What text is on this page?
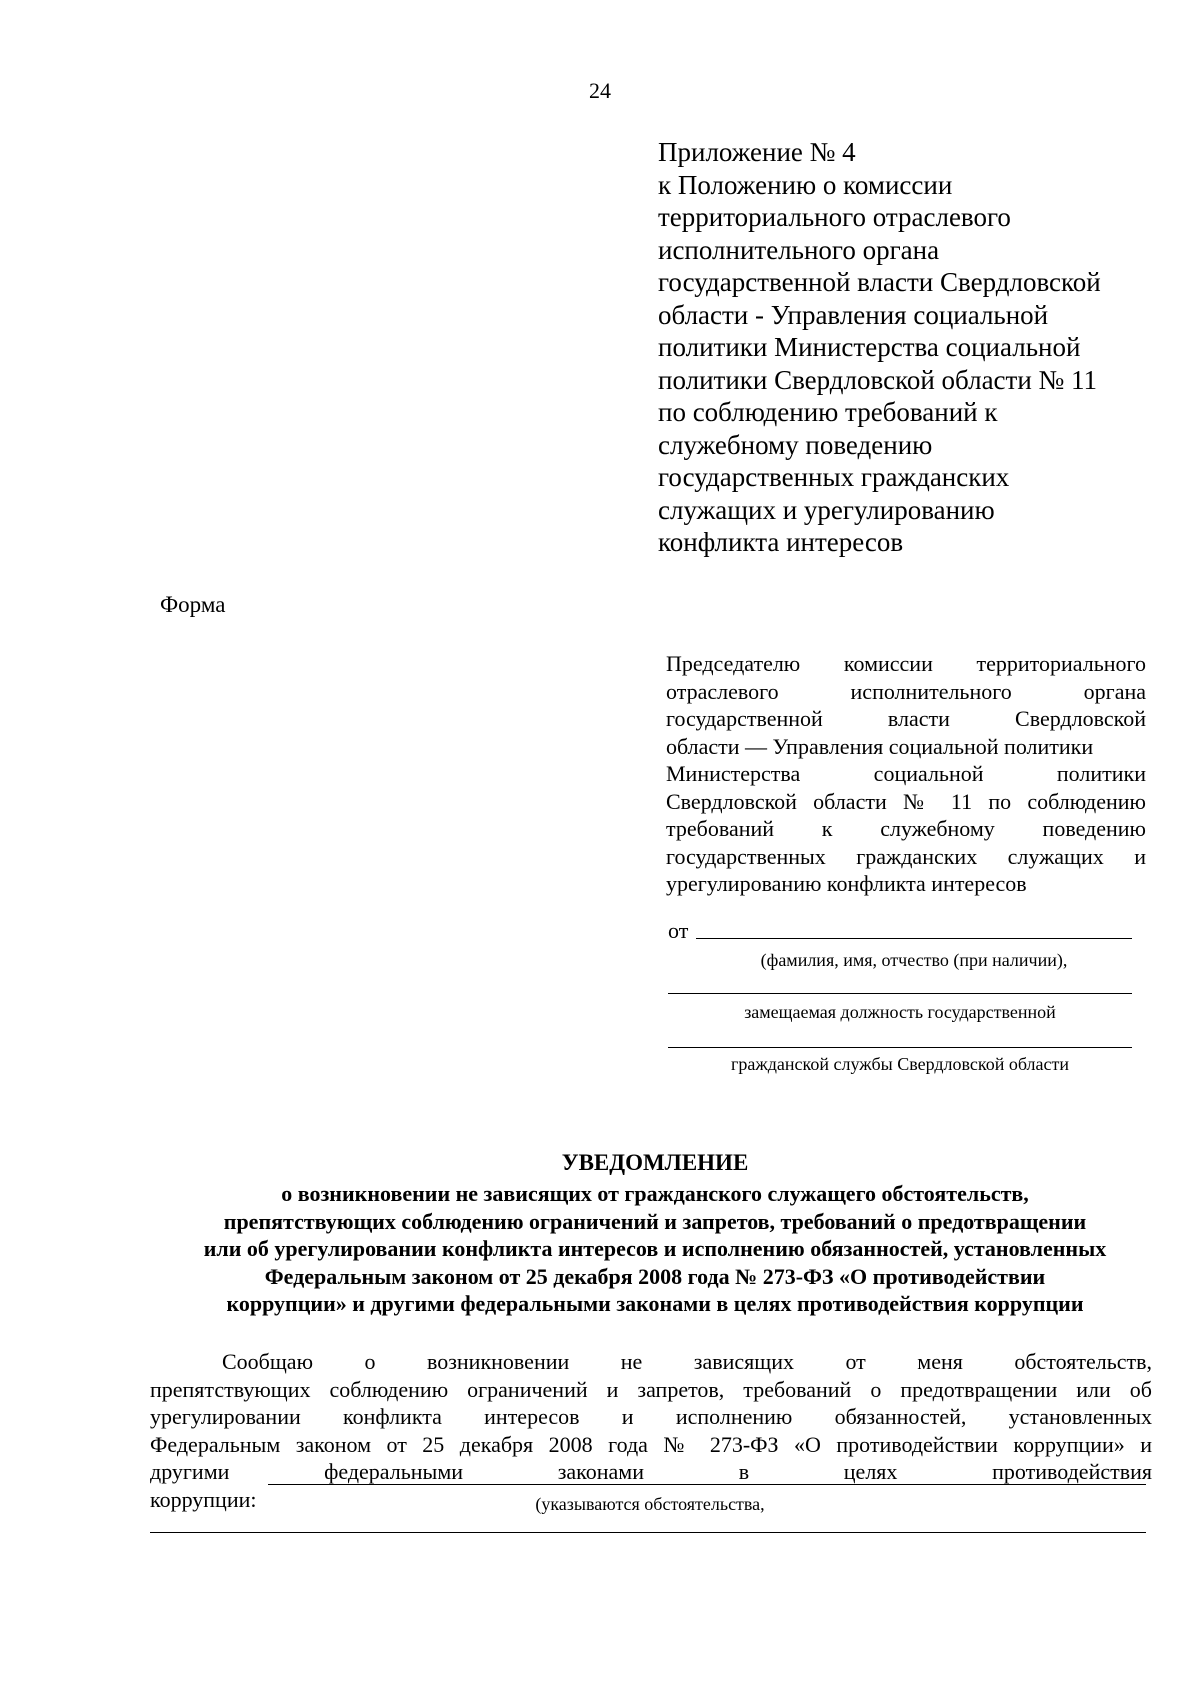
24
Приложение № 4
к Положению о комиссии
территориального отраслевого
исполнительного органа
государственной власти Свердловской
области - Управления социальной
политики Министерства социальной
политики Свердловской области № 11
по соблюдению требований к
служебному поведению
государственных гражданских
служащих и урегулированию
конфликта интересов
Форма
Председателю комиссии территориального
отраслевого исполнительного органа
государственной власти Свердловской
области — Управления социальной политики
Министерства социальной политики
Свердловской области № 11 по соблюдению
требований к служебному поведению
государственных гражданских служащих и
урегулированию конфликта интересов
от
(фамилия, имя, отчество (при наличии),
замещаемая должность государственной
гражданской службы Свердловской области
УВЕДОМЛЕНИЕ
о возникновении не зависящих от гражданского служащего обстоятельств,
препятствующих соблюдению ограничений и запретов, требований о предотвращении
или об урегулировании конфликта интересов и исполнению обязанностей, установленных
Федеральным законом от 25 декабря 2008 года № 273-ФЗ «О противодействии
коррупции» и другими федеральными законами в целях противодействия коррупции
Сообщаю о возникновении не зависящих от меня обстоятельств,
препятствующих соблюдению ограничений и запретов, требований о предотвращении или об
урегулировании конфликта интересов и исполнению обязанностей, установленных
Федеральным законом от 25 декабря 2008 года № 273-ФЗ «О противодействии коррупции» и
другими федеральными законами в целях противодействия
коррупции:	(указываются обстоятельства,
